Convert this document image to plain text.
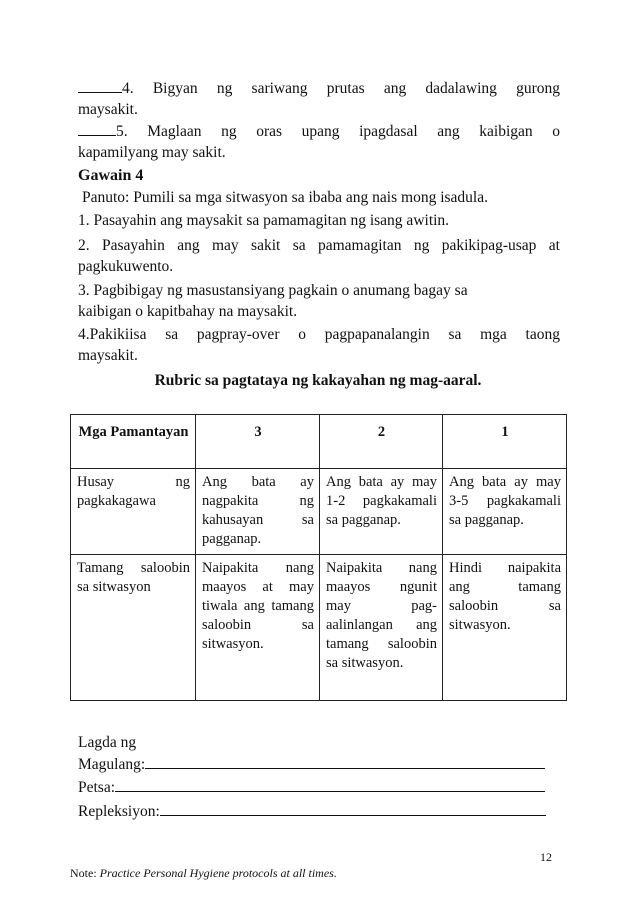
4. Bigyan ng sariwang prutas ang dadalawing gurong
maysakit.
5. Maglaan ng oras upang ipagdasal ang kaibigan o
kapamilyang may sakit.
Gawain 4
Panuto: Pumili sa mga sitwasyon sa ibaba ang nais mong isadula.
1. Pasayahin ang maysakit sa pamamagitan ng isang awitin.
2. Pasayahin ang may sakit sa pamamagitan ng pakikipag-usap at
pagkukuwento.
3. Pagbibigay ng masustansiyang pagkain o anumang bagay sa
kaibigan o kapitbahay na maysakit.
4.Pakikiisa sa pagpray-over o pagpapanalangin sa mga taong
maysakit.
Rubric sa pagtataya ng kakayahan ng mag-aaral.
Mga Pamantayan	3	2	1

Husay ng pagkakagawa	Ang bata ay nagpakita ng kahusayan sa pagganap.	Ang bata ay may 1-2 pagkakamali sa pagganap.	Ang bata ay may 3-5 pagkakamali sa pagganap.

Tamang saloobin sa sitwasyon	Naipakita nang maayos at may tiwala ang tamang saloobin sa sitwasyon.	Naipakita nang maayos ngunit may pag-aalinlangan ang tamang saloobin sa sitwasyon.	Hindi naipakita ang tamang saloobin sa sitwasyon.
Lagda ng
Magulang:
Petsa:
Repleksiyon:
12
Note: Practice Personal Hygiene protocols at all times.
